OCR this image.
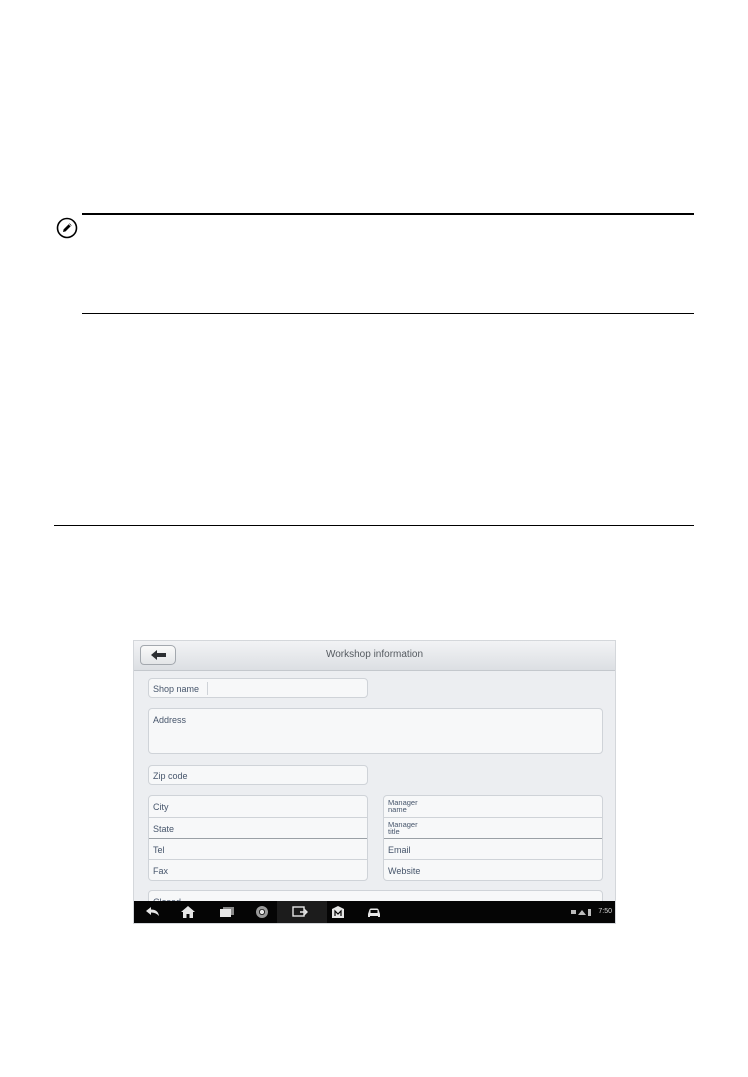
Workshop information
Shop name
Address
Zip code
City
State
Tel
Fax
Manager name
Manager title
Email
Website
7:50
